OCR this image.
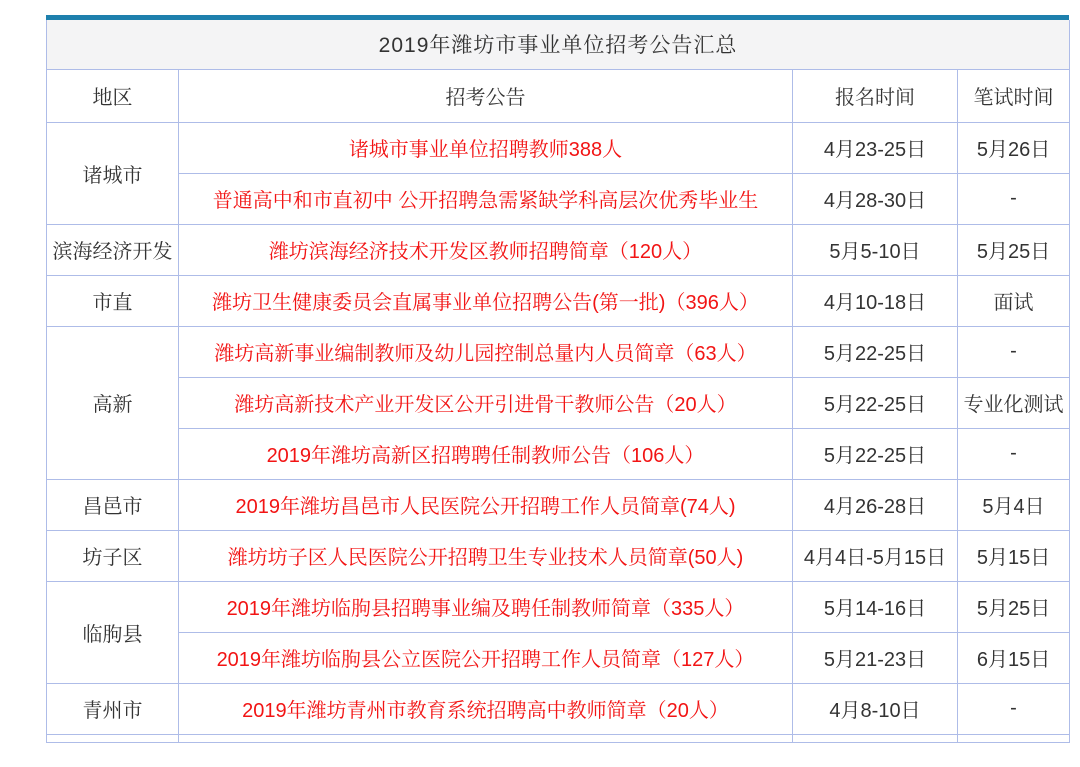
2019年潍坊市事业单位招考公告汇总			
地区	招考公告	报名时间	笔试时间
诸城市	诸城市事业单位招聘教师388人	4月23-25日	5月26日
	普通高中和市直初中 公开招聘急需紧缺学科高层次优秀毕业生	4月28-30日	-
滨海经济开发	潍坊滨海经济技术开发区教师招聘简章（120人）	5月5-10日	5月25日
市直	潍坊卫生健康委员会直属事业单位招聘公告(第一批)（396人）	4月10-18日	面试
高新	潍坊高新事业编制教师及幼儿园控制总量内人员简章（63人）	5月22-25日	-
	潍坊高新技术产业开发区公开引进骨干教师公告（20人）	5月22-25日	专业化测试
	2019年潍坊高新区招聘聘任制教师公告（106人）	5月22-25日	-
昌邑市	2019年潍坊昌邑市人民医院公开招聘工作人员简章(74人)	4月26-28日	5月4日
坊子区	潍坊坊子区人民医院公开招聘卫生专业技术人员简章(50人)	4月4日-5月15日	5月15日
临朐县	2019年潍坊临朐县招聘事业编及聘任制教师简章（335人）	5月14-16日	5月25日
	2019年潍坊临朐县公立医院公开招聘工作人员简章（127人）	5月21-23日	6月15日
青州市	2019年潍坊青州市教育系统招聘高中教师简章（20人）	4月8-10日	-
